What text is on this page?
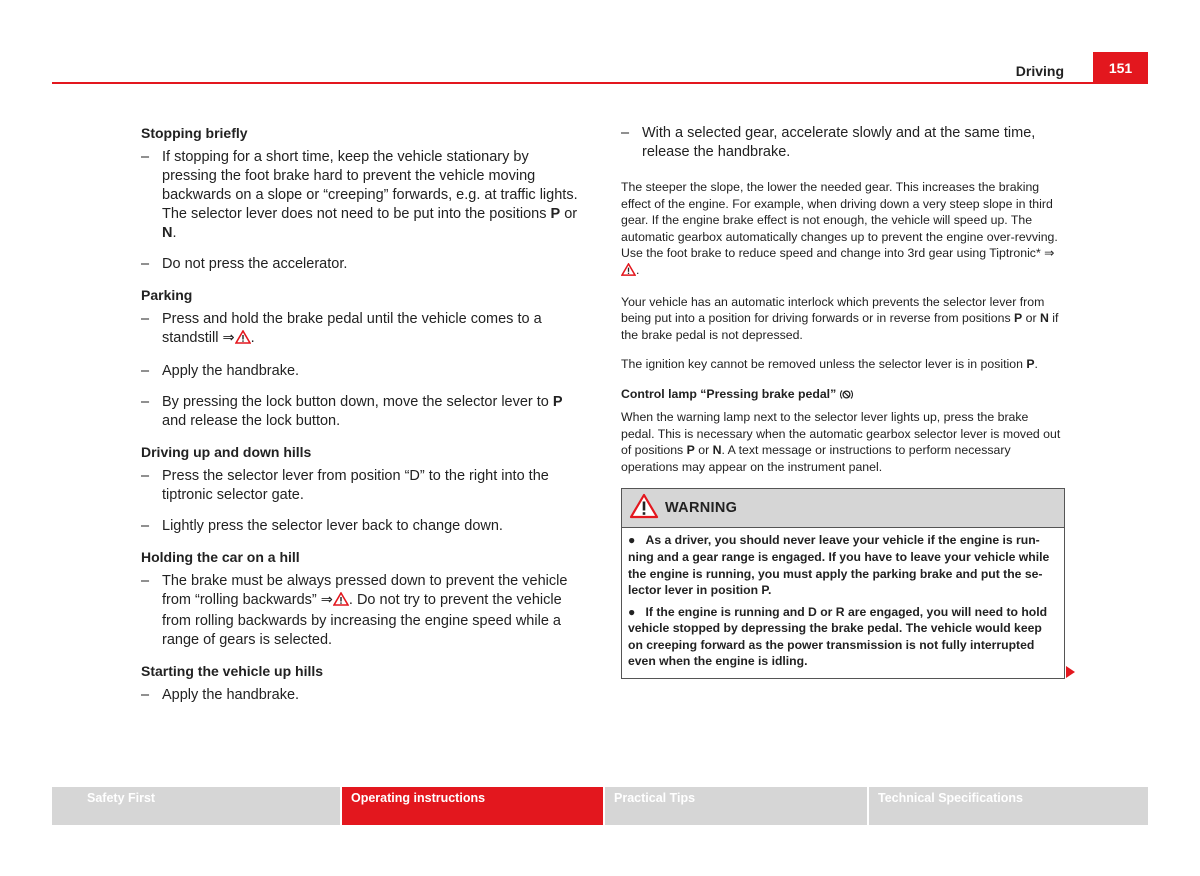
Driving	151
Stopping briefly
– If stopping for a short time, keep the vehicle stationary by pressing the foot brake hard to prevent the vehicle moving backwards on a slope or “creeping” forwards, e.g. at traffic lights. The selector lever does not need to be put into the positions P or N.
– Do not press the accelerator.
Parking
– Press and hold the brake pedal until the vehicle comes to a standstill ⇒ .
– Apply the handbrake.
– By pressing the lock button down, move the selector lever to P and release the lock button.
Driving up and down hills
– Press the selector lever from position “D” to the right into the tiptronic selector gate.
– Lightly press the selector lever back to change down.
Holding the car on a hill
– The brake must be always pressed down to prevent the vehicle from “rolling backwards” ⇒ . Do not try to prevent the vehicle from rolling backwards by increasing the engine speed while a range of gears is selected.
Starting the vehicle up hills
– Apply the handbrake.
– With a selected gear, accelerate slowly and at the same time, release the handbrake.

The steeper the slope, the lower the needed gear. This increases the braking effect of the engine. For example, when driving down a very steep slope in third gear. If the engine brake effect is not enough, the vehicle will speed up. The automatic gearbox automatically changes up to prevent the engine over-revving. Use the foot brake to reduce speed and change into 3rd gear using Tiptronic* ⇒.

Your vehicle has an automatic interlock which prevents the selector lever from being put into a position for driving forwards or in reverse from positions P or N if the brake pedal is not depressed.

The ignition key cannot be removed unless the selector lever is in position P.

Control lamp “Pressing brake pedal”

When the warning lamp next to the selector lever lights up, press the brake pedal. This is necessary when the automatic gearbox selector lever is moved out of positions P or N. A text message or instructions to perform necessary operations may appear on the instrument panel.

WARNING

●   As a driver, you should never leave your vehicle if the engine is running and a gear range is engaged. If you have to leave your vehicle while the engine is running, you must apply the parking brake and put the selector lever in position P.

●   If the engine is running and D or R are engaged, you will need to hold vehicle stopped by depressing the brake pedal. The vehicle would keep on creeping forward as the power transmission is not fully interrupted even when the engine is idling.

Safety First	Operating instructions	Practical Tips	Technical Specifications
